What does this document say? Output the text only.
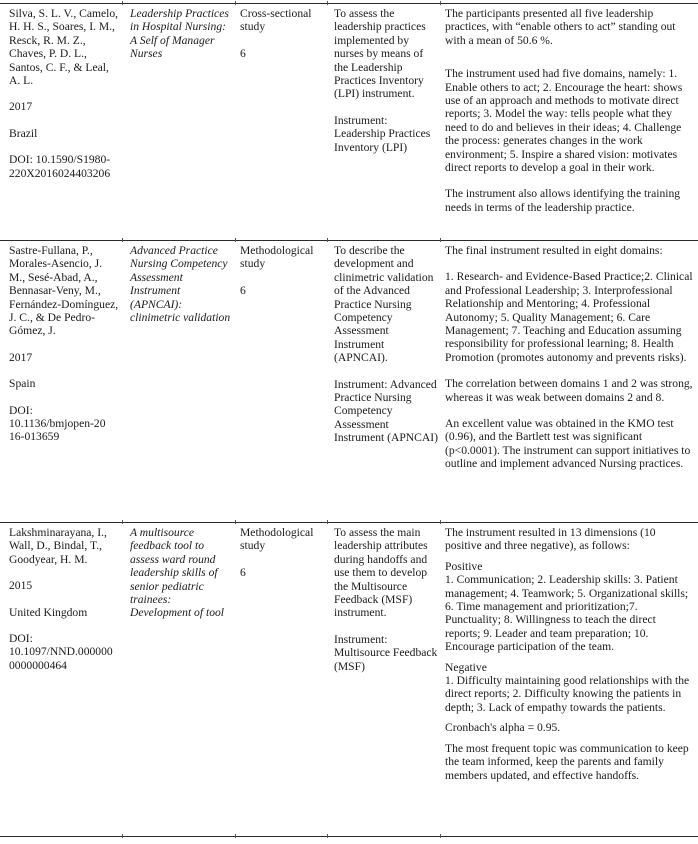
Silva, S. L. V., Camelo, H. H. S., Soares, I. M., Resck, R. M. Z., Chaves, P. D. L., Santos, C. F., & Leal, A. L.

2017

Brazil

DOI: 10.1590/S1980-220X2016024403206

Leadership Practices in Hospital Nursing: A Self of Manager Nurses

Cross-sectional study

6

To assess the leadership practices implemented by nurses by means of the Leadership Practices Inventory (LPI) instrument.

Instrument: Leadership Practices Inventory (LPI)

The participants presented all five leadership practices, with “enable others to act” standing out with a mean of 50.6 %.

The instrument used had five domains, namely: 1. Enable others to act; 2. Encourage the heart: shows use of an approach and methods to motivate direct reports; 3. Model the way: tells people what they need to do and believes in their ideas; 4. Challenge the process: generates changes in the work environment; 5. Inspire a shared vision: motivates direct reports to develop a goal in their work.

The instrument also allows identifying the training needs in terms of the leadership practice.

Sastre-Fullana, P., Morales-Asencio, J. M., Sesé-Abad, A., Bennasar-Veny, M., Fernández-Domínguez, J. C., & De Pedro-Gómez, J.

2017

Spain

DOI:

10.1136/bmjopen-2016-013659

Advanced Practice Nursing Competency Assessment Instrument (APNCAI): clinimetric validation

Methodological study

6

To describe the development and clinimetric validation of the Advanced Practice Nursing Competency Assessment Instrument (APNCAI).

Instrument: Advanced Practice Nursing Competency Assessment Instrument (APNCAI)

The final instrument resulted in eight domains:

1. Research- and Evidence-Based Practice;2. Clinical and Professional Leadership; 3. Interprofessional Relationship and Mentoring; 4. Professional Autonomy; 5. Quality Management; 6. Care Management; 7. Teaching and Education assuming responsibility for professional learning; 8. Health Promotion (promotes autonomy and prevents risks).

The correlation between domains 1 and 2 was strong, whereas it was weak between domains 2 and 8.

An excellent value was obtained in the KMO test (0.96), and the Bartlett test was significant (p<0.0001). The instrument can support initiatives to outline and implement advanced Nursing practices.

Lakshminarayana, I., Wall, D., Bindal, T., Goodyear, H. M.

2015

United Kingdom

DOI:

10.1097/NND.0000000000000464

A multisource feedback tool to assess ward round leadership skills of senior pediatric trainees: Development of tool

Methodological study

6

To assess the main leadership attributes during handoffs and use them to develop the Multisource Feedback (MSF) instrument.

Instrument: Multisource Feedback (MSF)

The instrument resulted in 13 dimensions (10 positive and three negative), as follows:

Positive

1. Communication; 2. Leadership skills: 3. Patient management; 4. Teamwork; 5. Organizational skills; 6. Time management and prioritization;7. Punctuality; 8. Willingness to teach the direct reports; 9. Leader and team preparation; 10. Encourage participation of the team.

Negative

1. Difficulty maintaining good relationships with the direct reports; 2. Difficulty knowing the patients in depth; 3. Lack of empathy towards the patients.

Cronbach's alpha = 0.95.

The most frequent topic was communication to keep the team informed, keep the parents and family members updated, and effective handoffs.
